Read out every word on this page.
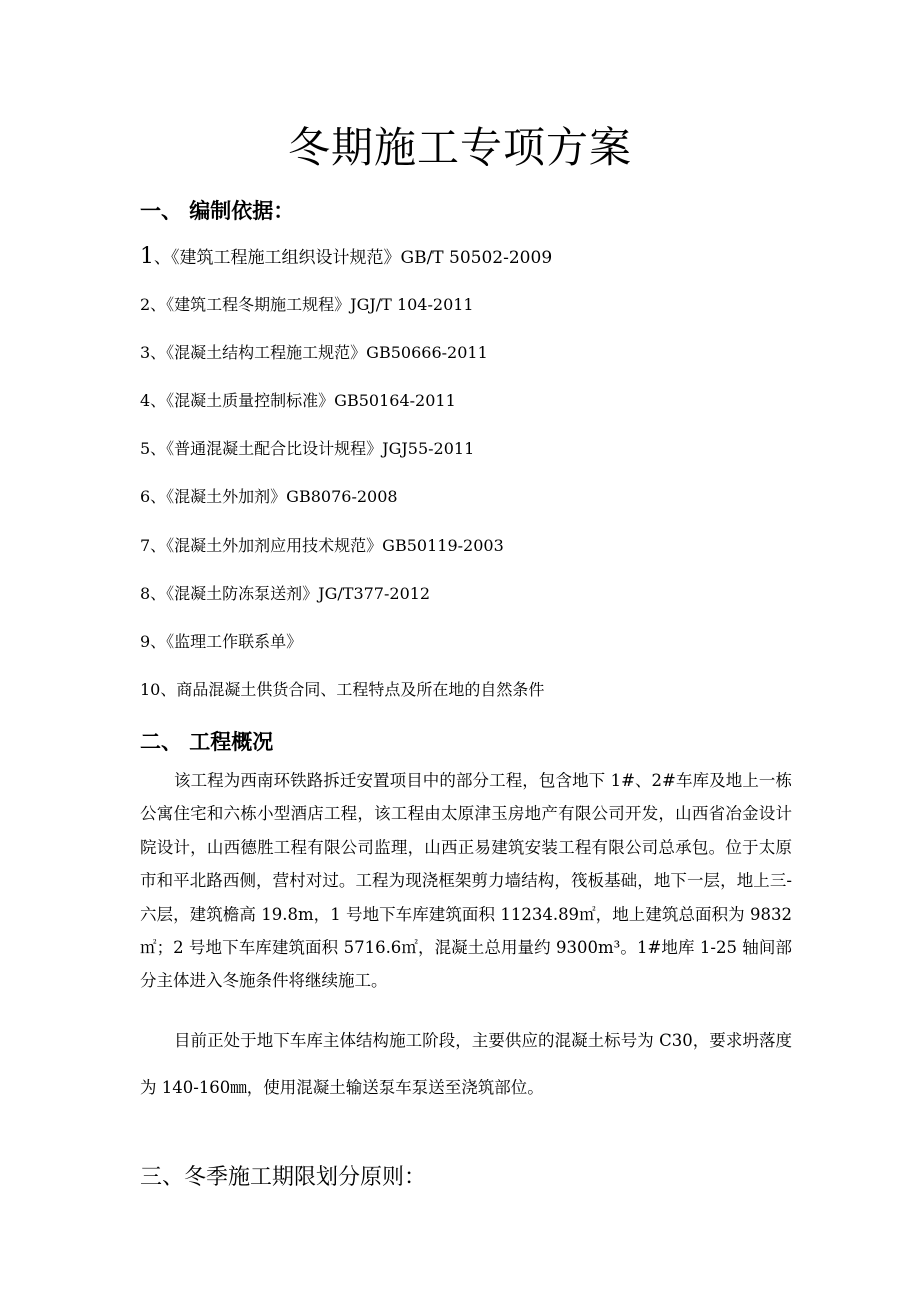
冬期施工专项方案
一、 编制依据：
1、《建筑工程施工组织设计规范》GB/T 50502-2009
2、《建筑工程冬期施工规程》JGJ/T 104-2011
3、《混凝土结构工程施工规范》GB50666-2011
4、《混凝土质量控制标准》GB50164-2011
5、《普通混凝土配合比设计规程》JGJ55-2011
6、《混凝土外加剂》GB8076-2008
7、《混凝土外加剂应用技术规范》GB50119-2003
8、《混凝土防冻泵送剂》JG/T377-2012
9、《监理工作联系单》
10、商品混凝土供货合同、工程特点及所在地的自然条件
二、 工程概况

该工程为西南环铁路拆迁安置项目中的部分工程，包含地下 1#、2#车库及地上一栋公寓住宅和六栋小型酒店工程，该工程由太原津玉房地产有限公司开发，山西省冶金设计院设计，山西德胜工程有限公司监理，山西正易建筑安装工程有限公司总承包。位于太原市和平北路西侧，营村对过。工程为现浇框架剪力墙结构，筏板基础，地下一层，地上三-六层，建筑檐高 19.8m，1 号地下车库建筑面积 11234.89㎡，地上建筑总面积为 9832㎡；2 号地下车库建筑面积 5716.6㎡，混凝土总用量约 9300m³。1#地库 1-25 轴间部分主体进入冬施条件将继续施工。

目前正处于地下车库主体结构施工阶段，主要供应的混凝土标号为 C30，要求坍落度为 140-160㎜，使用混凝土输送泵车泵送至浇筑部位。

三、冬季施工期限划分原则：
